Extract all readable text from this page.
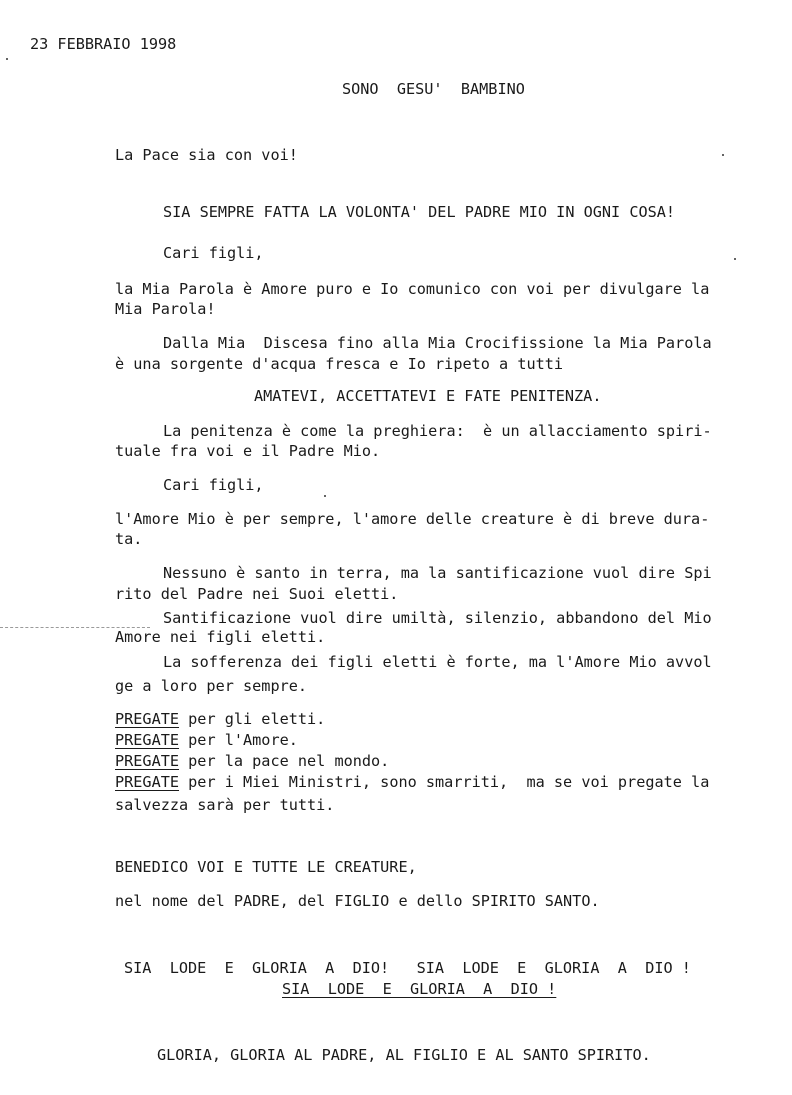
23 FEBBRAIO 1998
SONO  GESU'  BAMBINO
La Pace sia con voi!
SIA SEMPRE FATTA LA VOLONTA' DEL PADRE MIO IN OGNI COSA!
Cari figli,
la Mia Parola è Amore puro e Io comunico con voi per divulgare la
Mia Parola!
Dalla Mia  Discesa fino alla Mia Crocifissione la Mia Parola
è una sorgente d'acqua fresca e Io ripeto a tutti
AMATEVI, ACCETTATEVI E FATE PENITENZA.
La penitenza è come la preghiera:  è un allacciamento spiri-
tuale fra voi e il Padre Mio.
Cari figli,
l'Amore Mio è per sempre, l'amore delle creature è di breve dura-
ta.
Nessuno è santo in terra, ma la santificazione vuol dire Spi
rito del Padre nei Suoi eletti.
Santificazione vuol dire umiltà, silenzio, abbandono del Mio
Amore nei figli eletti.
La sofferenza dei figli eletti è forte, ma l'Amore Mio avvol
ge a loro per sempre.
PREGATE per gli eletti.
PREGATE per l'Amore.
PREGATE per la pace nel mondo.
PREGATE per i Miei Ministri, sono smarriti,  ma se voi pregate la
salvezza sarà per tutti.
BENEDICO VOI E TUTTE LE CREATURE,
nel nome del PADRE, del FIGLIO e dello SPIRITO SANTO.
SIA  LODE  E  GLORIA  A  DIO!   SIA  LODE  E  GLORIA  A  DIO !
SIA  LODE  E  GLORIA  A  DIO !
GLORIA, GLORIA AL PADRE, AL FIGLIO E AL SANTO SPIRITO.
